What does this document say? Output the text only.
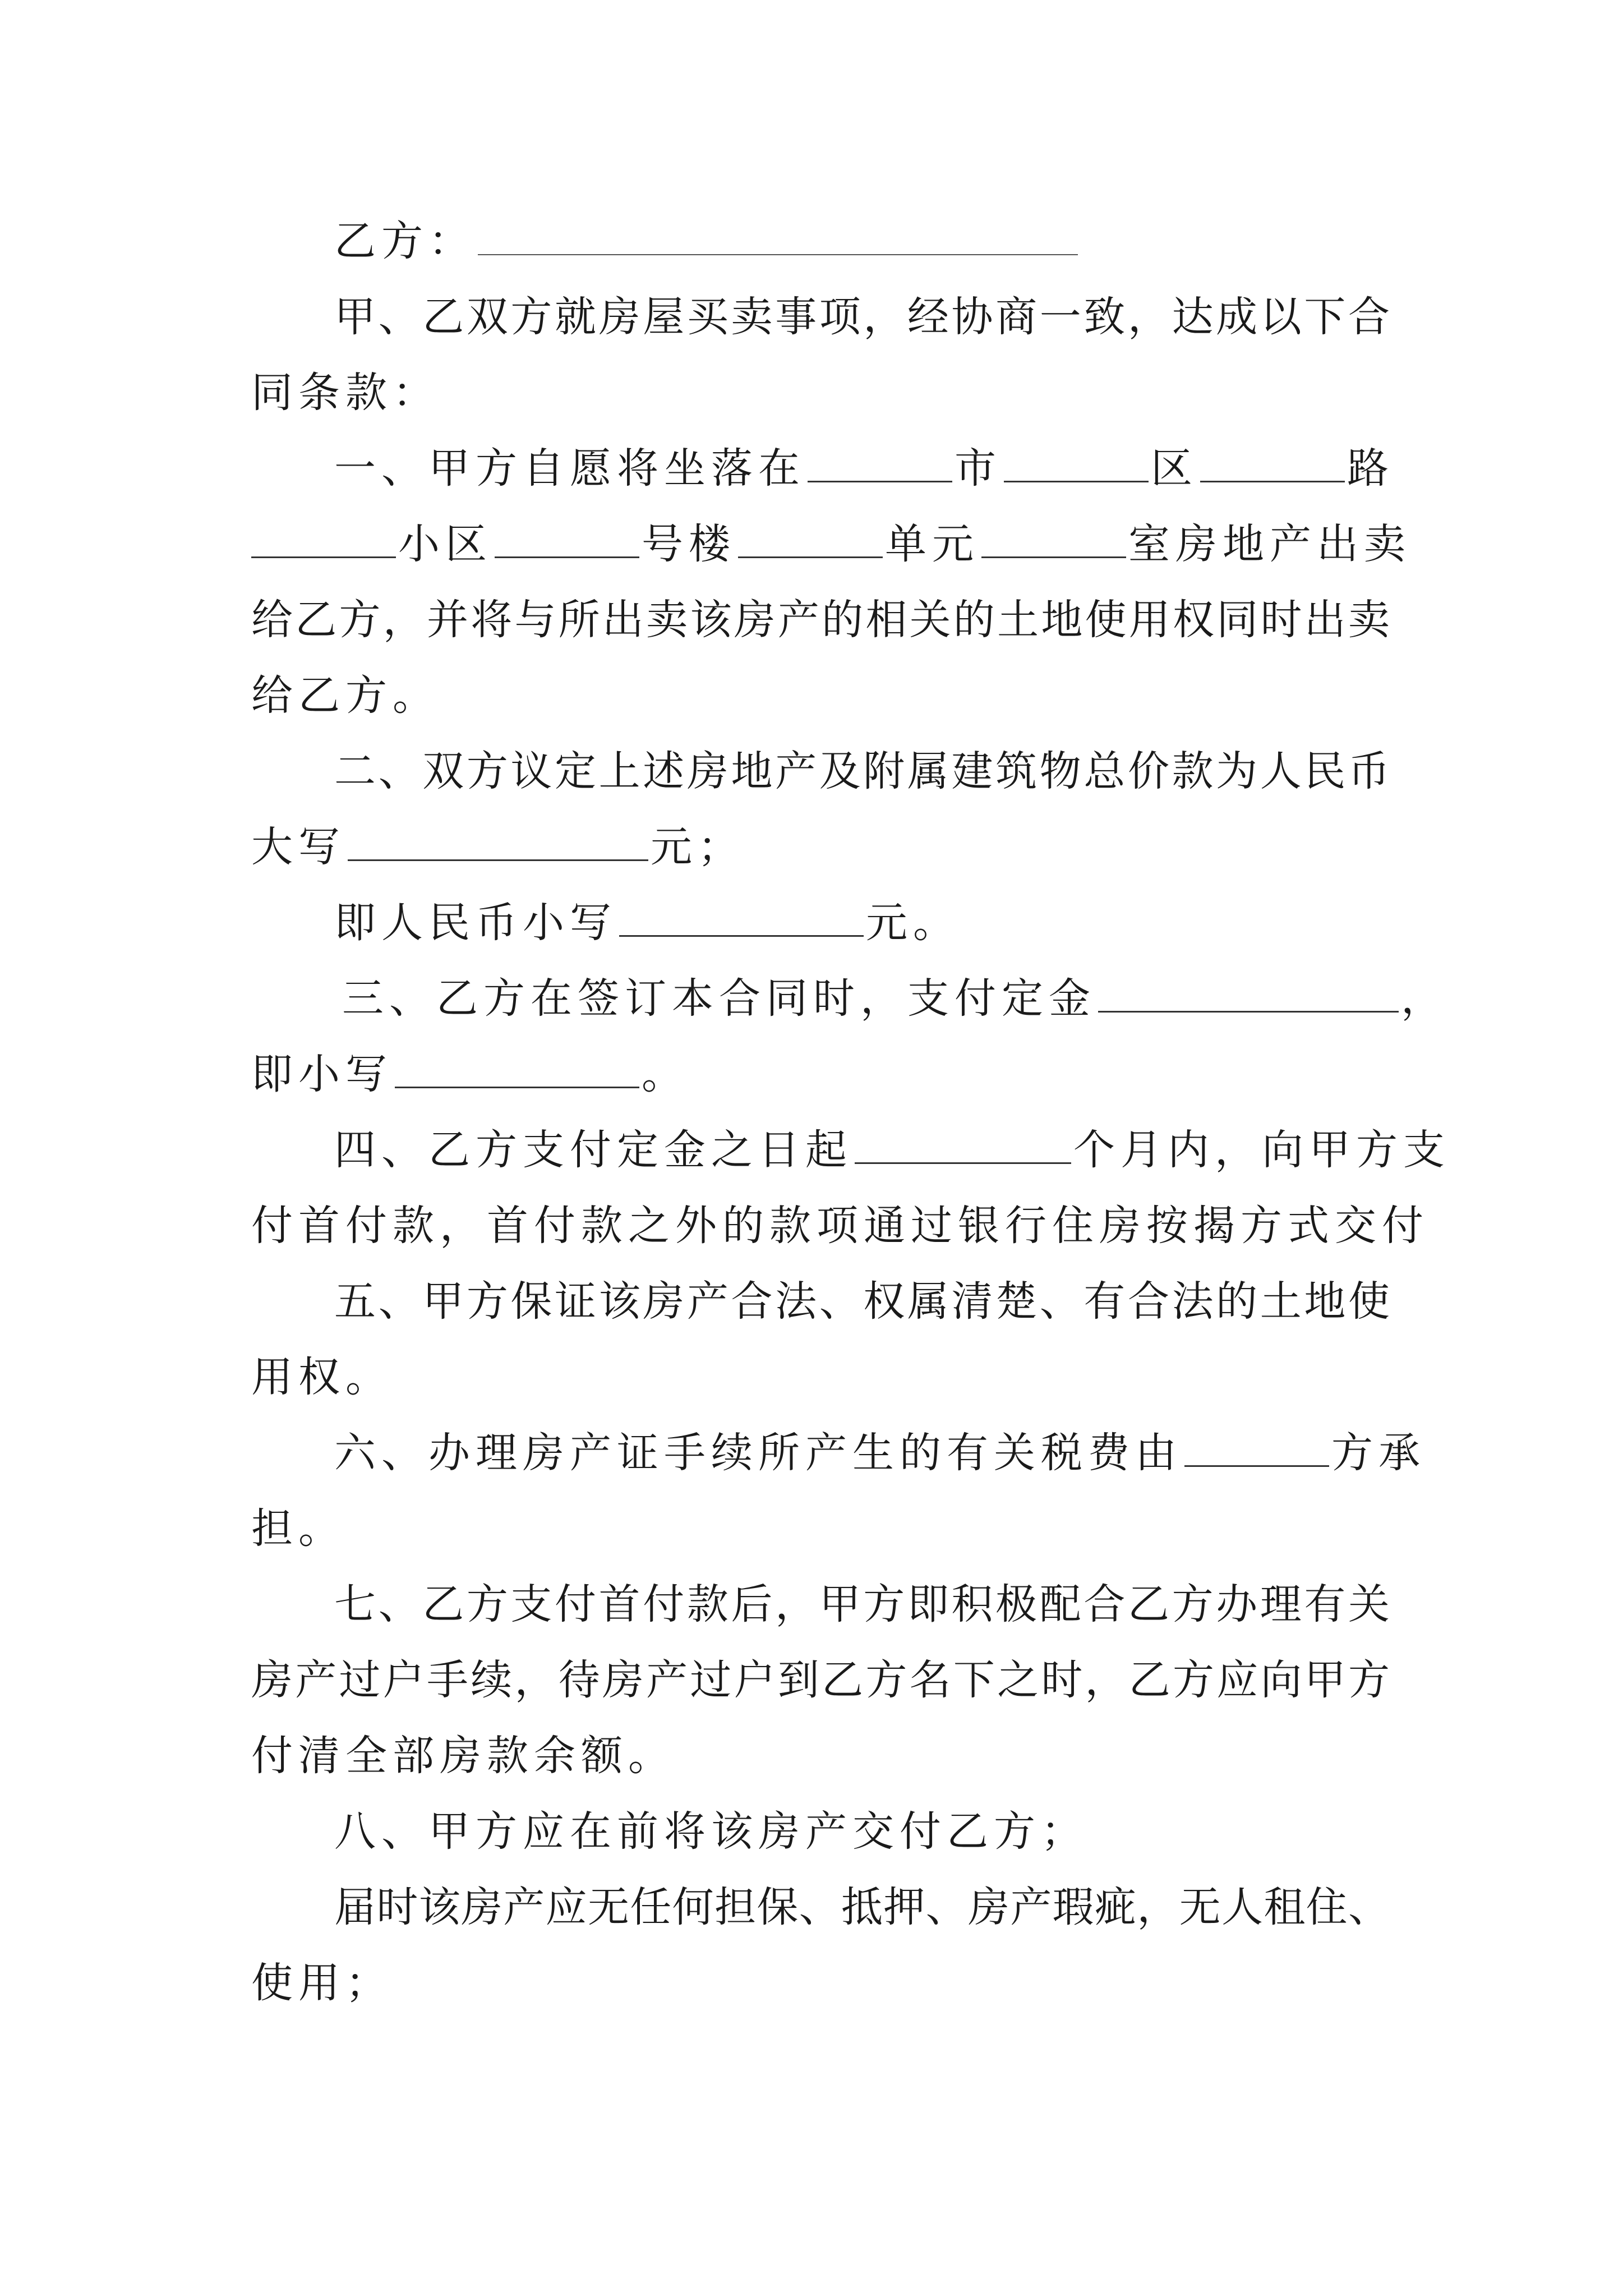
乙方：
甲、乙双方就房屋买卖事项，经协商一致，达成以下合
同条款：
一、甲方自愿将坐落在	市	区	路
小区	号楼	单元	室房地产出卖
给乙方，并将与所出卖该房产的相关的土地使用权同时出卖
给乙方。
二、双方议定上述房地产及附属建筑物总价款为人民币
大写	元；
即人民币小写	元。
三、乙方在签订本合同时，支付定金	，
即小写	。
四、乙方支付定金之日起	个月内，向甲方支
付首付款，首付款之外的款项通过银行住房按揭方式交付
五、甲方保证该房产合法、权属清楚、有合法的土地使
用权。
六、办理房产证手续所产生的有关税费由	方承
担。
七、乙方支付首付款后，甲方即积极配合乙方办理有关
房产过户手续，待房产过户到乙方名下之时，乙方应向甲方
付清全部房款余额。
八、甲方应在前将该房产交付乙方；
届时该房产应无任何担保、抵押、房产瑕疵，无人租住、
使用；
